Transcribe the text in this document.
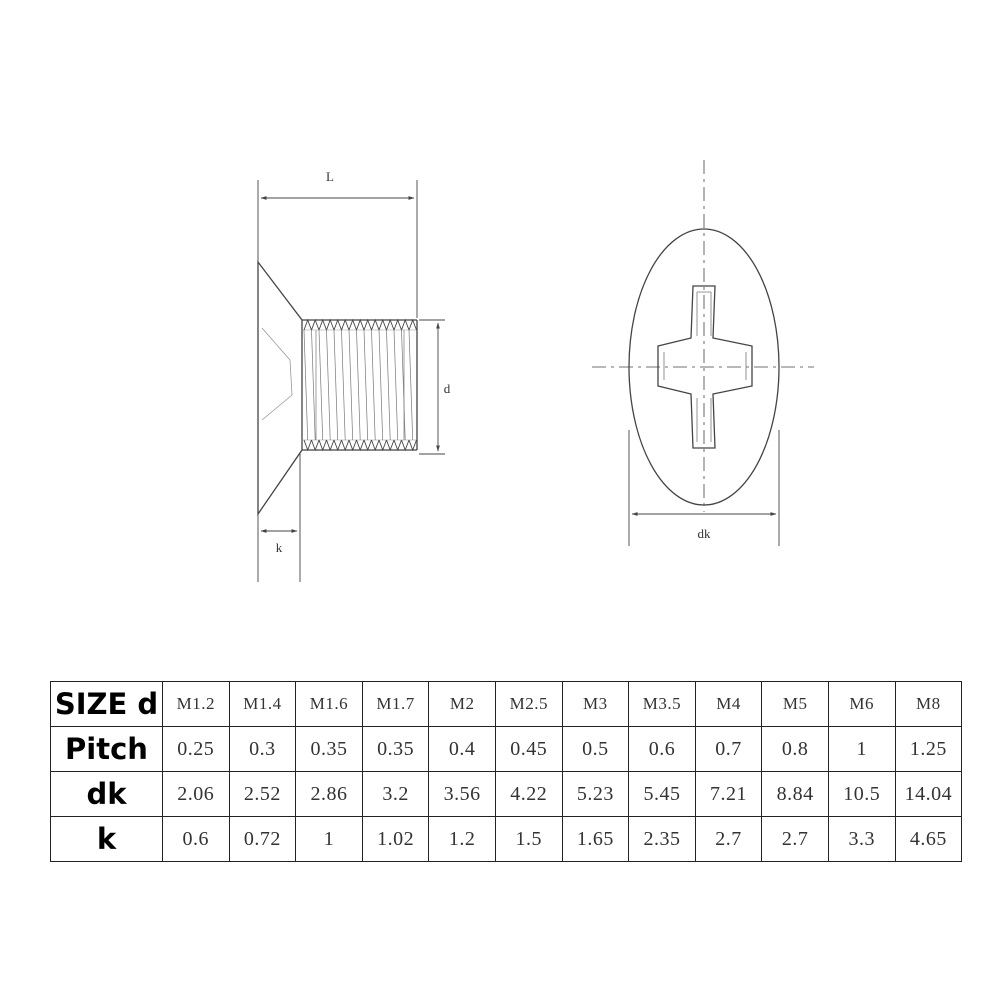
L
d
k
dk
SIZE d	M1.2	M1.4	M1.6	M1.7	M2	M2.5	M3	M3.5	M4	M5	M6	M8
Pitch	0.25	0.3	0.35	0.35	0.4	0.45	0.5	0.6	0.7	0.8	1	1.25
dk	2.06	2.52	2.86	3.2	3.56	4.22	5.23	5.45	7.21	8.84	10.5	14.04
k	0.6	0.72	1	1.02	1.2	1.5	1.65	2.35	2.7	2.7	3.3	4.65
